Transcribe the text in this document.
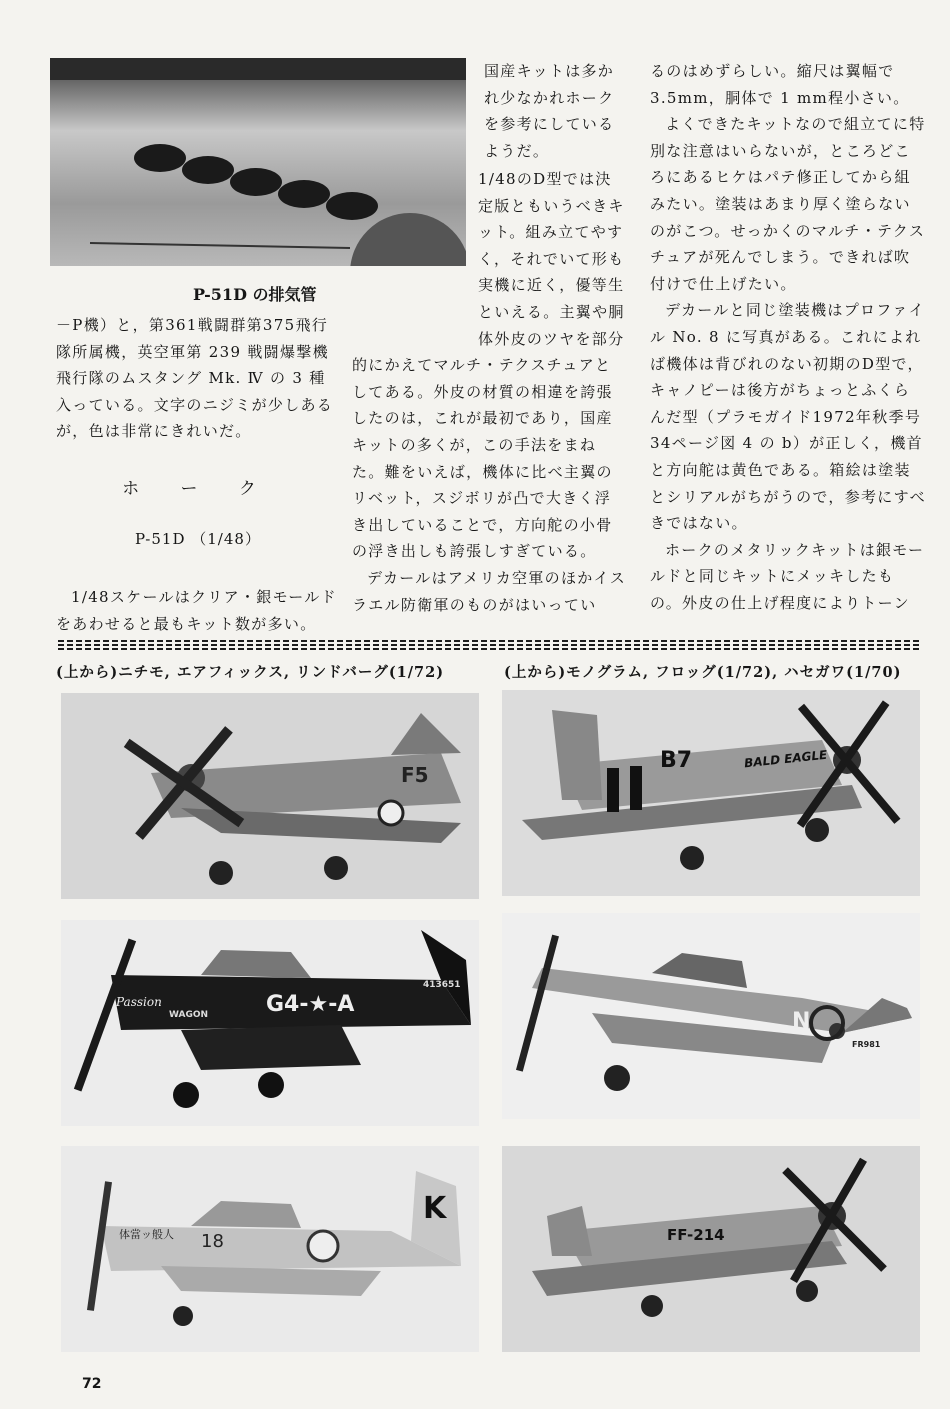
P-51D の排気管

－P機）と，第361戦闘群第375飛行隊所属機，英空軍第 239 戦闘爆撃機飛行隊のムスタング Mk. Ⅳ の 3 種入っている。文字のニジミが少しあるが，色は非常にきれいだ。

ホ ー ク
P-51D （1/48）

1/48スケールはクリア・銀モールドをあわせると最もキット数が多い。

国産キットは多かれ少なかれホークを参考にしているようだ。

1/48のD型では決定版ともいうべきキット。組み立てやすく，それでいて形も実機に近く，優等生といえる。主翼や胴体外皮のツヤを部分的にかえてマルチ・テクスチュアとしてある。外皮の材質の相違を誇張したのは，これが最初であり，国産キットの多くが，この手法をまねた。難をいえば，機体に比べ主翼のリベット，スジボリが凸で大きく浮き出していることで，方向舵の小骨の浮き出しも誇張しすぎている。

デカールはアメリカ空軍のほかイスラエル防衛軍のものがはいってい

るのはめずらしい。縮尺は翼幅で 3.5mm，胴体で 1 mm程小さい。

よくできたキットなので組立てに特別な注意はいらないが，ところどころにあるヒケはパテ修正してから組みたい。塗装はあまり厚く塗らないのがこつ。せっかくのマルチ・テクスチュアが死んでしまう。できれば吹付けで仕上げたい。

デカールと同じ塗装機はプロファイル No. 8 に写真がある。これによれば機体は背びれのない初期のD型で，キャノピーは後方がちょっとふくらんだ型（プラモガイド1972年秋季号34ページ図 4 の b）が正しく，機首と方向舵は黄色である。箱絵は塗装とシリアルがちがうので，参考にすべきではない。

ホークのメタリックキットは銀モールドと同じキットにメッキしたもの。外皮の仕上げ程度によりトーン

(上から)ニチモ, エアフィックス, リンドバーグ(1/72)	(上から)モノグラム, フロッグ(1/72), ハセガワ(1/70)
F5
Passion
WAGON	G4-★-A
413651
体當ッ般人 18
K
B7	BALD EAGLE
N
FR981
FF-214
72
